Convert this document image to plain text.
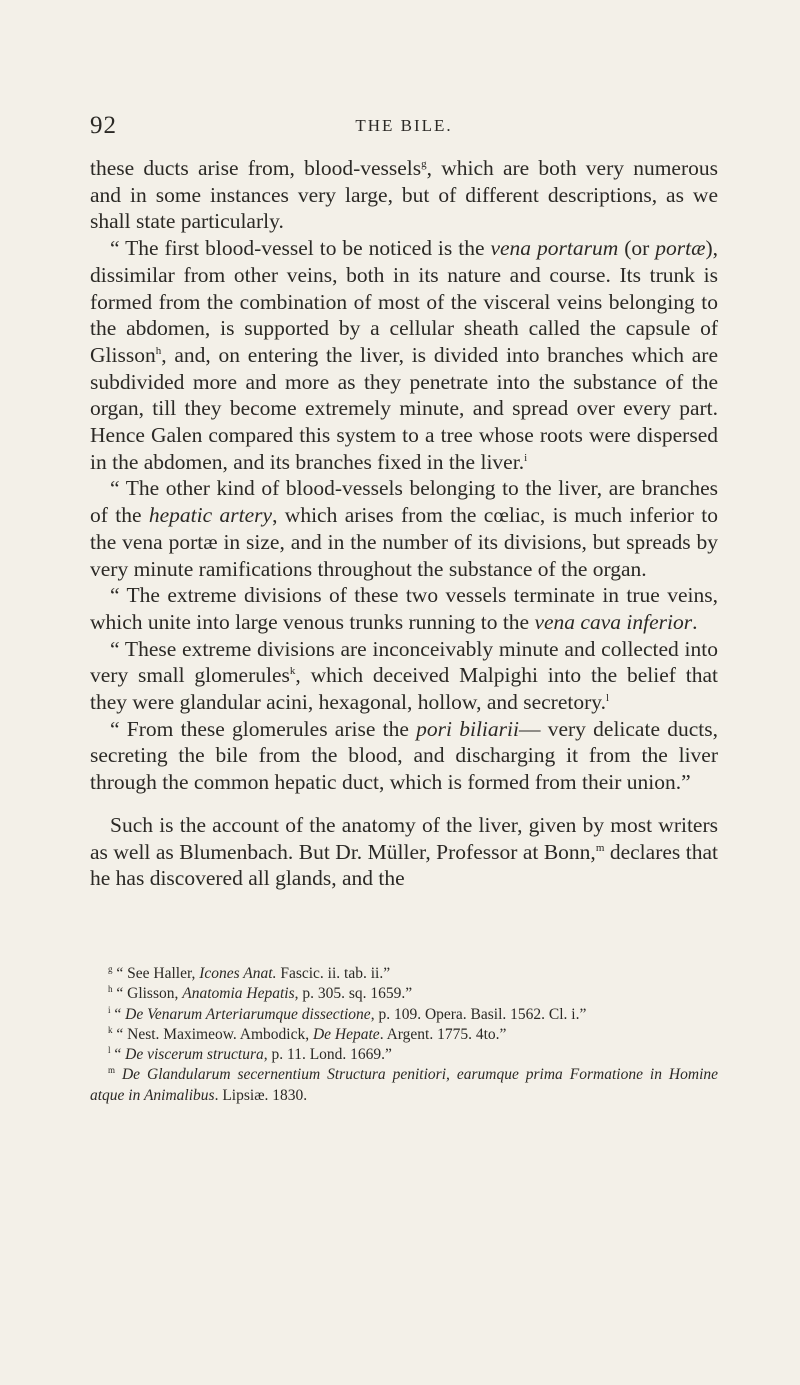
92	THE BILE.

these ducts arise from, blood-vessels$^g$, which are both very numerous and in some instances very large, but of different descriptions, as we shall state particularly.

“ The first blood-vessel to be noticed is the vena portarum (or portæ), dissimilar from other veins, both in its nature and course. Its trunk is formed from the combination of most of the visceral veins belonging to the abdomen, is supported by a cellular sheath called the capsule of Glisson$^h$, and, on entering the liver, is divided into branches which are subdivided more and more as they penetrate into the substance of the organ, till they become extremely minute, and spread over every part. Hence Galen compared this system to a tree whose roots were dispersed in the abdomen, and its branches fixed in the liver.$^i$

“ The other kind of blood-vessels belonging to the liver, are branches of the hepatic artery, which arises from the cœliac, is much inferior to the vena portæ in size, and in the number of its divisions, but spreads by very minute ramifications throughout the substance of the organ.

“ The extreme divisions of these two vessels terminate in true veins, which unite into large venous trunks running to the vena cava inferior.

“ These extreme divisions are inconceivably minute and collected into very small glomerules$^k$, which deceived Malpighi into the belief that they were glandular acini, hexagonal, hollow, and secretory.$^l$

“ From these glomerules arise the pori biliarii— very delicate ducts, secreting the bile from the blood, and discharging it from the liver through the common hepatic duct, which is formed from their union.”

Such is the account of the anatomy of the liver, given by most writers as well as Blumenbach. But Dr. Müller, Professor at Bonn,$^m$ declares that he has discovered all glands, and the

$^g$ “ See Haller, Icones Anat. Fascic. ii. tab. ii.”

$^h$ “ Glisson, Anatomia Hepatis, p. 305. sq. 1659.”

$^i$ “ De Venarum Arteriarumque dissectione, p. 109. Opera. Basil. 1562. Cl. i.”

$^k$ “ Nest. Maximeow. Ambodick, De Hepate. Argent. 1775. 4to.”

$^l$ “ De viscerum structura, p. 11. Lond. 1669.”

$^m$ De Glandularum secernentium Structura penitiori, earumque prima Formatione in Homine atque in Animalibus. Lipsiæ. 1830.
